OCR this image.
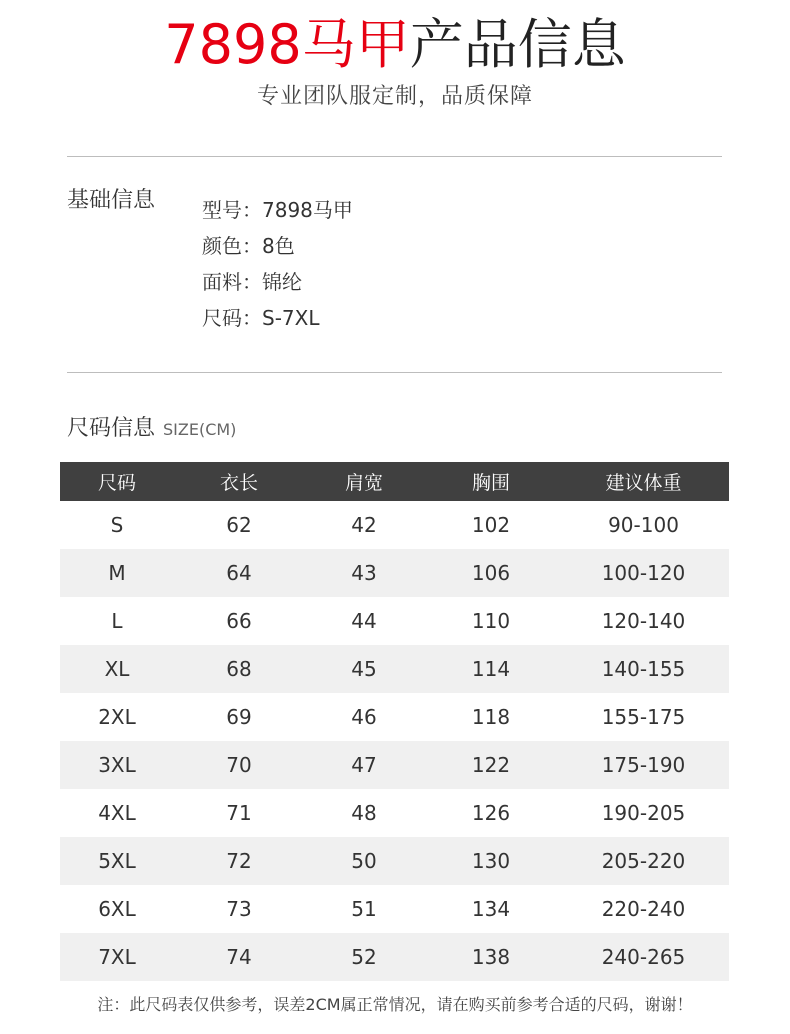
7898马甲产品信息
专业团队服定制，品质保障
基础信息 型号：7898马甲
颜色：8色
面料：锦纶
尺码：S-7XL
尺码信息 SIZE(CM)
尺码	衣长	肩宽	胸围	建议体重
S	62	42	102	90-100
M	64	43	106	100-120
L	66	44	110	120-140
XL	68	45	114	140-155
2XL	69	46	118	155-175
3XL	70	47	122	175-190
4XL	71	48	126	190-205
5XL	72	50	130	205-220
6XL	73	51	134	220-240
7XL	74	52	138	240-265
注：此尺码表仅供参考，误差2CM属正常情况，请在购买前参考合适的尺码，谢谢！
